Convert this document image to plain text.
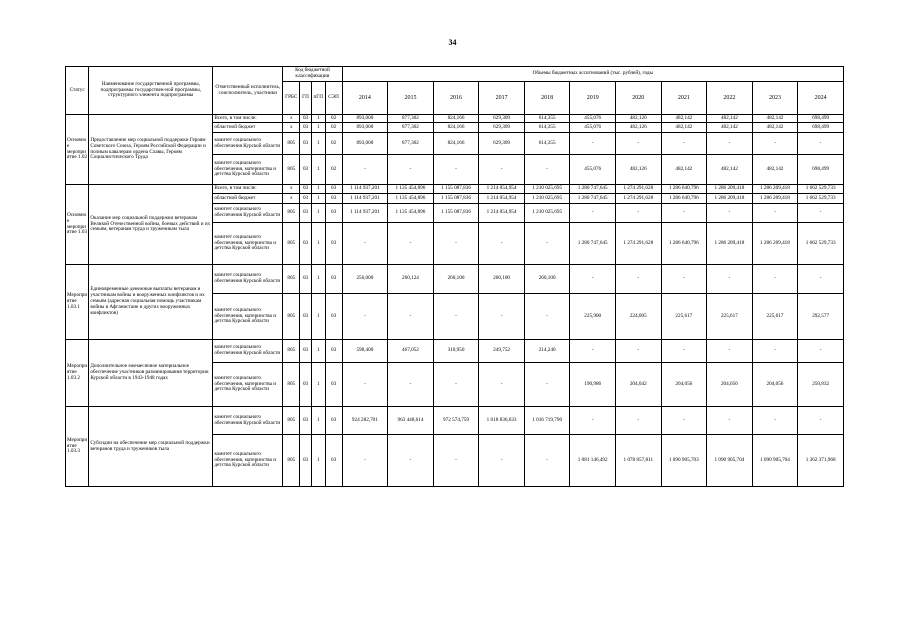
34
Статус	Наименование государственной программы, подпрограммы государствен-ной программы, структурного элемента подпрограммы	Ответственный исполнитель, соисполнитель, участники	Код бюджетной классификации				Объемы бюджетных ассигнований (тыс. рублей), годы										
			ГРБС	ГП	пГП	СЭП	2014	2015	2016	2017	2018	2019	2020	2021	2022	2023	2024
Основное мероприятие 1.02	Предоставление мер социальной поддержки Героям Советского Союза, Героям Российской Федерации и полным кавалерам ордена Славы, Героям Социалистического Труда	Всего, в том числе:	х	03	1	02	893,000	877,302	824,166	629,309	614,355	455,076	482,126	482,142	482,142	482,142	698,499
		областной бюджет	х	03	1	02	893,000	877,302	824,166	629,309	614,355	455,076	482,126	482,142	482,142	482,142	698,499
		комитет социального обеспечения Курской области	805	03	1	02	893,000	877,302	824,166	629,309	614,355	-	-	-	-	-	-
		комитет социального обеспечения, материнства и детства Курской области	805	03	1	02	-	-	-	-	-	455,076	482,126	482,142	482,142	482,142	698,499
Основное мероприятие 1.03	Оказание мер социальной поддержки ветеранам Великой Отечественной войны, боевых действий и их семьям, ветеранам труда и труженикам тыла	Всего, в том числе:	х	03	1	03	1 114 937,201	1 135 454,896	1 155 087,836	1 214 054,954	1 210 025,695	1 280 747,645	1 274 291,628	1 286 640,796	1 286 209,418	1 286 209,418	1 662 529,733
		областной бюджет	х	03	1	03	1 114 937,201	1 135 454,896	1 155 087,836	1 214 054,954	1 210 025,695	1 280 747,645	1 274 291,628	1 286 640,796	1 286 209,418	1 286 209,418	1 662 529,733
		комитет социального обеспечения Курской области	805	03	1	03	1 114 937,201	1 135 454,896	1 155 087,836	1 214 054,954	1 210 025,695	-	-	-	-	-	-
		комитет социального обеспечения, материнства и детства Курской области	805	03	1	03	-	-	-	-	-	1 280 747,645	1 274 291,628	1 286 640,796	1 286 209,418	1 286 209,418	1 662 529,733
Мероприятие 1.03.1	Единовременные денежные выплаты ветеранам и участникам войны и вооруженных конфликтов и их семьям (адресная социальная помощь участникам войны в Афганистане и других вооруженных конфликтов)	комитет социального обеспечения Курской области	805	03	1	03	256,000	260,124	260,100	260,100	260,100	-	-	-	-	-	-
		комитет социального обеспечения, материнства и детства Курской области	805	03	1	03	-	-	-	-	-	225,900	224,005	225,617	225,617	225,617	292,577
Мероприятие 1.03.2	Дополнительное ежемесячное материальное обеспечение участников разминирования территории Курской области в 1943-1948 годах	комитет социального обеспечения Курской области	805	03	1	03	598,400	467,052	310,950	249,752	214,240	-	-	-	-	-	-
		комитет социального обеспечения, материнства и детства Курской области	805	03	1	03	-	-	-	-	-	190,986	204,042	204,056	204,056	204,056	250,832
Мероприятие 1.03.3	Субсидии на обеспечение мер социальной поддержки ветеранов труда и тружеников тыла	комитет социального обеспечения Курской области	805	03	1	03	924 282,701	963 448,614	972 574,759	1 018 836,633	1 016 719,790	-	-	-	-	-	-
		комитет социального обеспечения, материнства и детства Курской области	805	03	1	03	-	-	-	-	-	1 081 146,492	1 078 857,811	1 090 905,703	1 090 905,704	1 090 905,704	1 362 371,968
